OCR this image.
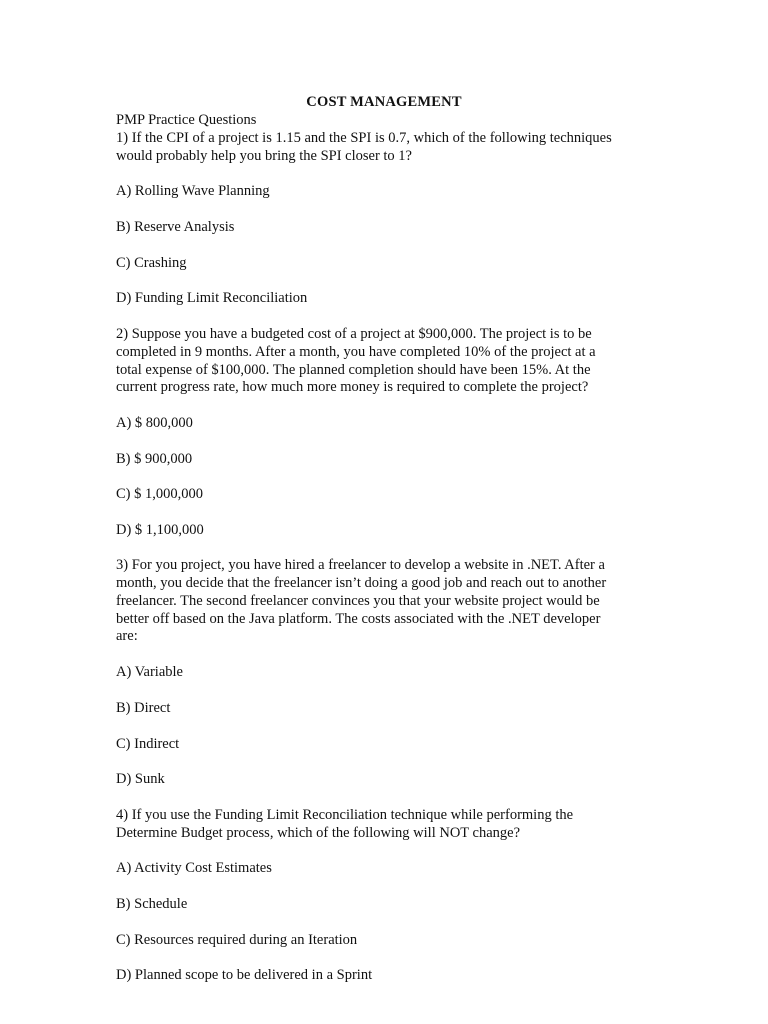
COST MANAGEMENT
PMP Practice Questions
1) If the CPI of a project is 1.15 and the SPI is 0.7, which of the following techniques
would probably help you bring the SPI closer to 1?
A) Rolling Wave Planning
B) Reserve Analysis
C) Crashing
D) Funding Limit Reconciliation
2) Suppose you have a budgeted cost of a project at $900,000. The project is to be
completed in 9 months. After a month, you have completed 10% of the project at a
total expense of $100,000. The planned completion should have been 15%. At the
current progress rate, how much more money is required to complete the project?
A) $ 800,000
B) $ 900,000
C) $ 1,000,000
D) $ 1,100,000
3) For you project, you have hired a freelancer to develop a website in .NET. After a
month, you decide that the freelancer isn’t doing a good job and reach out to another
freelancer. The second freelancer convinces you that your website project would be
better off based on the Java platform. The costs associated with the .NET developer
are:
A) Variable
B) Direct
C) Indirect
D) Sunk
4) If you use the Funding Limit Reconciliation technique while performing the
Determine Budget process, which of the following will NOT change?
A) Activity Cost Estimates
B) Schedule
C) Resources required during an Iteration
D) Planned scope to be delivered in a Sprint
